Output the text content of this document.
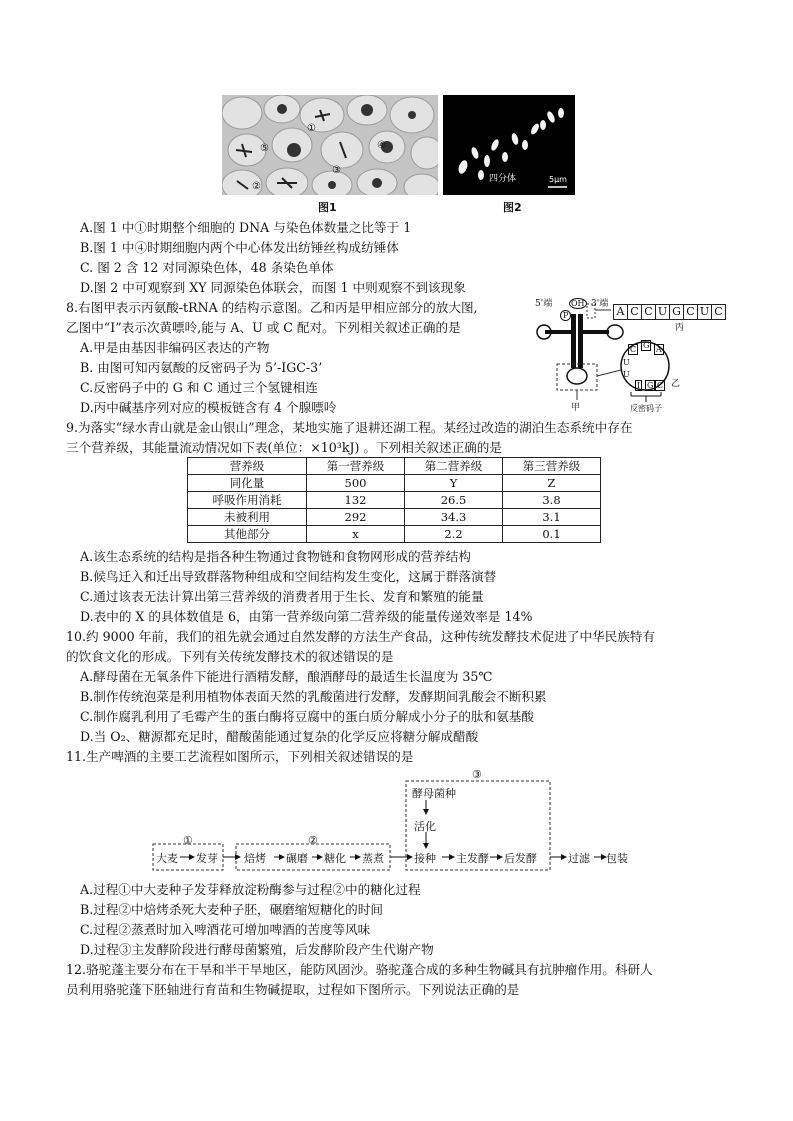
①
②
③
④
⑤
图1
四分体	5μm
图2
A.图 1 中①时期整个细胞的 DNA 与染色体数量之比等于 1
B.图 1 中④时期细胞内两个中心体发出纺锤丝构成纺锤体
C. 图 2 含 12 对同源染色体，48 条染色单体
D.图 2 中可观察到 XY 同源染色体联会，而图 1 中则观察不到该现象
8.右图甲表示丙氨酸-tRNA 的结构示意图。乙和丙是甲相应部分的放大图,
乙图中“I”表示次黄嘌呤,能与 A、U 或 C 配对。下列相关叙述正确的是
A.甲是由基因非编码区表达的产物
B. 由图可知丙氨酸的反密码子为 5’-IGC-3’
C.反密码子中的 G 和 C 通过三个氢键相连
D.丙中碱基序列对应的模板链含有 4 个腺嘌呤
5'端 OH 3'端
P	A C C U G C U C
丙
C G A
U
U
I G C 乙
反密码子
甲
9.为落实“绿水青山就是金山银山”理念，某地实施了退耕还湖工程。某经过改造的湖泊生态系统中存在
三个营养级，其能量流动情况如下表(单位：×10³kJ) 。下列相关叙述正确的是
营养级	第一营养级	第二营养级	第三营养级
同化量	500	Y	Z
呼吸作用消耗	132	26.5	3.8
未被利用	292	34.3	3.1
其他部分	x	2.2	0.1
A.该生态系统的结构是指各种生物通过食物链和食物网形成的营养结构
B.候鸟迁入和迁出导致群落物种组成和空间结构发生变化，这属于群落演替
C.通过该表无法计算出第三营养级的消费者用于生长、发育和繁殖的能量
D.表中的 X 的具体数值是 6，由第一营养级向第二营养级的能量传递效率是 14%
10.约 9000 年前，我们的祖先就会通过自然发酵的方法生产食品，这种传统发酵技术促进了中华民族特有
的饮食文化的形成。下列有关传统发酵技术的叙述错误的是
A.酵母菌在无氧条件下能进行酒精发酵，酿酒酵母的最适生长温度为 35℃
B.制作传统泡菜是利用植物体表面天然的乳酸菌进行发酵，发酵期间乳酸会不断积累
C.制作腐乳利用了毛霉产生的蛋白酶将豆腐中的蛋白质分解成小分子的肽和氨基酸
D.当 O₂、糖源都充足时，醋酸菌能通过复杂的化学反应将糖分解成醋酸
11.生产啤酒的主要工艺流程如图所示，下列相关叙述错误的是
①	②
③
酵母菌种
活化
大麦 发芽 焙烤 碾磨 糖化 蒸煮	接种 主发酵 后发酵	过滤 包装
A.过程①中大麦种子发芽释放淀粉酶参与过程②中的糖化过程
B.过程②中焙烤杀死大麦种子胚，碾磨缩短糖化的时间
C.过程②蒸煮时加入啤酒花可增加啤酒的苦度等风味
D.过程③主发酵阶段进行酵母菌繁殖，后发酵阶段产生代谢产物
12.骆驼蓬主要分布在干旱和半干旱地区，能防风固沙。骆驼蓬合成的多种生物碱具有抗肿瘤作用。科研人
员利用骆驼蓬下胚轴进行育苗和生物碱提取，过程如下图所示。下列说法正确的是
